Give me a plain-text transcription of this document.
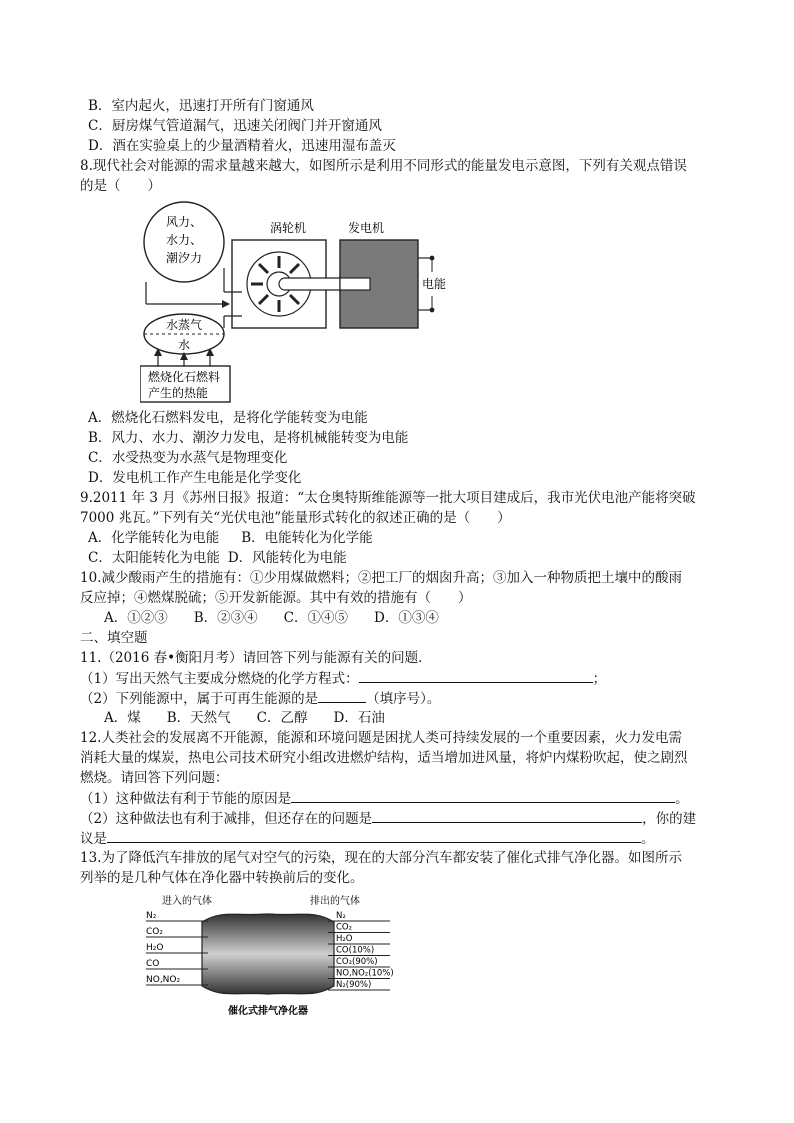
B．室内起火，迅速打开所有门窗通风
C．厨房煤气管道漏气，迅速关闭阀门并开窗通风
D．酒在实验桌上的少量酒精着火，迅速用湿布盖灭
8.现代社会对能源的需求量越来越大，如图所示是利用不同形式的能量发电示意图，下列有关观点错误
的是（　　）
风力、
水力、
潮汐力
涡轮机	发电机
电能
水蒸气
水
燃烧化石燃料
产生的热能
A．燃烧化石燃料发电，是将化学能转变为电能
B．风力、水力、潮汐力发电，是将机械能转变为电能
C．水受热变为水蒸气是物理变化
D．发电机工作产生电能是化学变化
9.2011 年 3 月《苏州日报》报道：“太仓奥特斯维能源等一批大项目建成后，我市光伏电池产能将突破
7000 兆瓦。”下列有关“光伏电池”能量形式转化的叙述正确的是（　　）
A．化学能转化为电能 B．电能转化为化学能
C．太阳能转化为电能 D．风能转化为电能
10.减少酸雨产生的措施有：①少用煤做燃料；②把工厂的烟囱升高；③加入一种物质把土壤中的酸雨
反应掉；④燃煤脱硫；⑤开发新能源。其中有效的措施有（　　）
A．①②③ B．②③④ C．①④⑤ D．①③④
二、填空题
11.（2016 春•衡阳月考）请回答下列与能源有关的问题．
（1）写出天然气主要成分燃烧的化学方程式：	；
（2）下列能源中，属于可再生能源的是	（填序号）。
A．煤 B．天然气 C．乙醇 D．石油
12.人类社会的发展离不开能源，能源和环境问题是困扰人类可持续发展的一个重要因素，火力发电需
消耗大量的煤炭，热电公司技术研究小组改进燃炉结构，适当增加进风量，将炉内煤粉吹起，使之剧烈
燃烧。请回答下列问题：
（1）这种做法有利于节能的原因是	。
（2）这种做法也有利于减排，但还存在的问题是	，你的建
议是	。
13.为了降低汽车排放的尾气对空气的污染，现在的大部分汽车都安装了催化式排气净化器。如图所示
列举的是几种气体在净化器中转换前后的变化。
进入的气体	排出的气体
N₂
CO₂
H₂O
CO
NO,NO₂
N₂
CO₂
H₂O
CO(10%)
CO₂(90%)
NO,NO₂(10%)
N₂(90%)
催化式排气净化器
